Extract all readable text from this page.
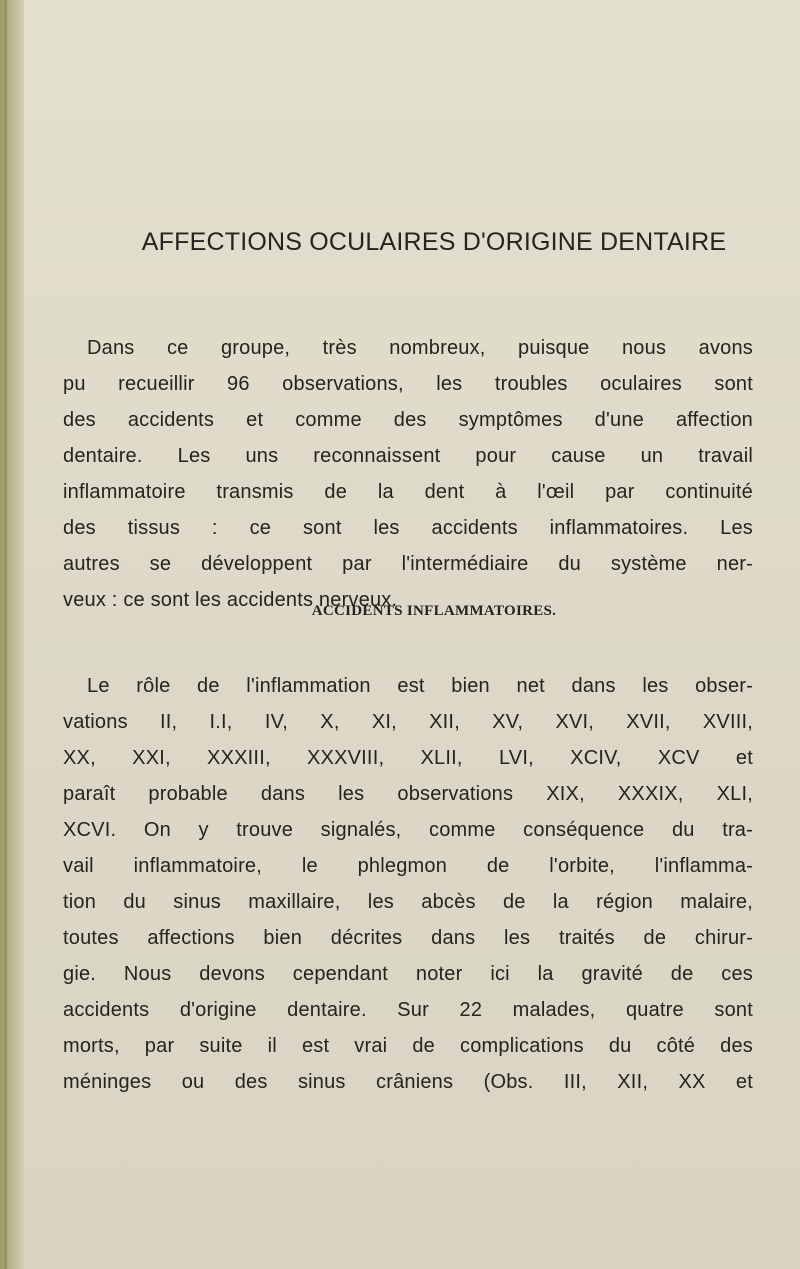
AFFECTIONS OCULAIRES D'ORIGINE DENTAIRE
Dans ce groupe, très nombreux, puisque nous avons
pu recueillir 96 observations, les troubles oculaires sont
des accidents et comme des symptômes d'une affection
dentaire. Les uns reconnaissent pour cause un travail
inflammatoire transmis de la dent à l'œil par continuité
des tissus : ce sont les accidents inflammatoires. Les
autres se développent par l'intermédiaire du système ner-
veux : ce sont les accidents nerveux.
ACCIDENTS INFLAMMATOIRES.
Le rôle de l'inflammation est bien net dans les obser-
vations II, I.I, IV, X, XI, XII, XV, XVI, XVII, XVIII,
XX, XXI, XXXIII, XXXVIII, XLII, LVI, XCIV, XCV et
paraît probable dans les observations XIX, XXXIX, XLI,
XCVI. On y trouve signalés, comme conséquence du tra-
vail inflammatoire, le phlegmon de l'orbite, l'inflamma-
tion du sinus maxillaire, les abcès de la région malaire,
toutes affections bien décrites dans les traités de chirur-
gie. Nous devons cependant noter ici la gravité de ces
accidents d'origine dentaire. Sur 22 malades, quatre sont
morts, par suite il est vrai de complications du côté des
méninges ou des sinus crâniens (Obs. III, XII, XX et
